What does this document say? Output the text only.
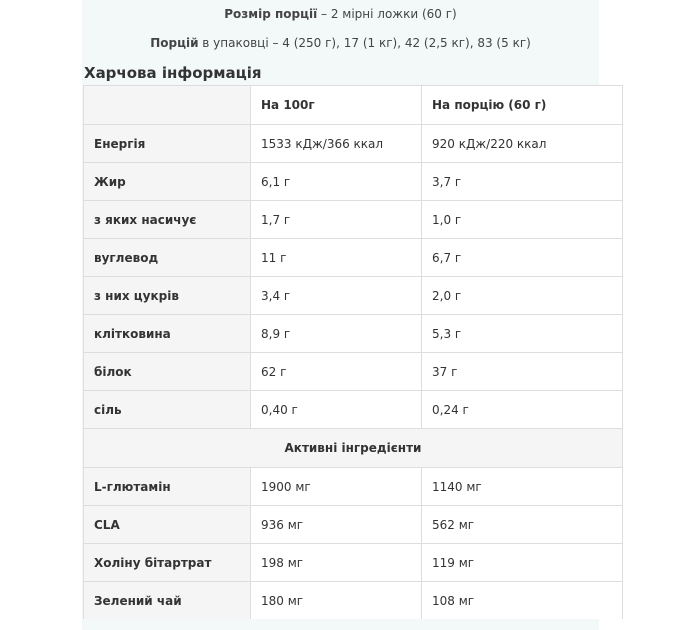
Розмір порції – 2 мірні ложки (60 г)
Порцій в упаковці – 4 (250 г), 17 (1 кг), 42 (2,5 кг), 83 (5 кг)
Харчова інформація
	На 100г	На порцію (60 г)
Енергія	1533 кДж/366 ккал	920 кДж/220 ккал
Жир	6,1 г	3,7 г
з яких насичує	1,7 г	1,0 г
вуглевод	11 г	6,7 г
з них цукрів	3,4 г	2,0 г
клітковина	8,9 г	5,3 г
білок	62 г	37 г
сіль	0,40 г	0,24 г
Активні інгредієнти		
L-глютамін	1900 мг	1140 мг
CLA	936 мг	562 мг
Холіну бітартрат	198 мг	119 мг
Зелений чай	180 мг	108 мг
